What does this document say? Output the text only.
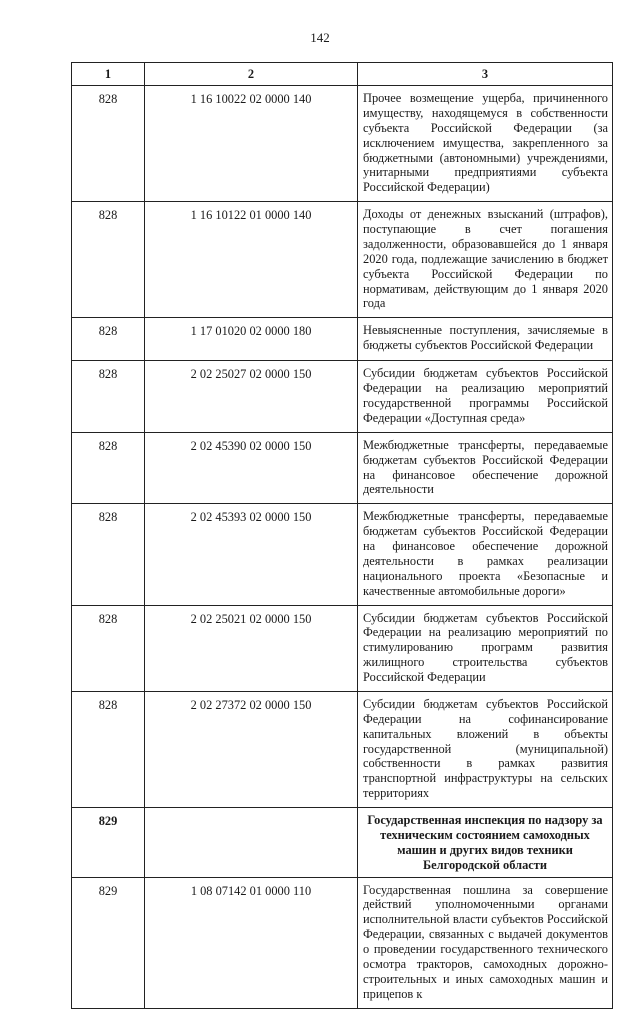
142
1	2	3
828	1 16 10022 02 0000 140	Прочее возмещение ущерба, причиненного имуществу, находящемуся в собственности субъекта Российской Федерации (за исключением имущества, закрепленного за бюджетными (автономными) учреждениями, унитарными предприятиями субъекта Российской Федерации)
828	1 16 10122 01 0000 140	Доходы от денежных взысканий (штрафов), поступающие в счет погашения задолженности, образовавшейся до 1 января 2020 года, подлежащие зачислению в бюджет субъекта Российской Федерации по нормативам, действующим до 1 января 2020 года
828	1 17 01020 02 0000 180	Невыясненные поступления, зачисляемые в бюджеты субъектов Российской Федерации
828	2 02 25027 02 0000 150	Субсидии бюджетам субъектов Российской Федерации на реализацию мероприятий государственной программы Российской Федерации «Доступная среда»
828	2 02 45390 02 0000 150	Межбюджетные трансферты, передаваемые бюджетам субъектов Российской Федерации на финансовое обеспечение дорожной деятельности
828	2 02 45393 02 0000 150	Межбюджетные трансферты, передаваемые бюджетам субъектов Российской Федерации на финансовое обеспечение дорожной деятельности в рамках реализации национального проекта «Безопасные и качественные автомобильные дороги»
828	2 02 25021 02 0000 150	Субсидии бюджетам субъектов Российской Федерации на реализацию мероприятий по стимулированию программ развития жилищного строительства субъектов Российской Федерации
828	2 02 27372 02 0000 150	Субсидии бюджетам субъектов Российской Федерации на софинансирование капитальных вложений в объекты государственной (муниципальной) собственности в рамках развития транспортной инфраструктуры на сельских территориях
829		Государственная инспекция по надзору за техническим состоянием самоходных машин и других видов техники Белгородской области
829	1 08 07142 01 0000 110	Государственная пошлина за совершение действий уполномоченными органами исполнительной власти субъектов Российской Федерации, связанных с выдачей документов о проведении государственного технического осмотра тракторов, самоходных дорожно-строительных и иных самоходных машин и прицепов к
